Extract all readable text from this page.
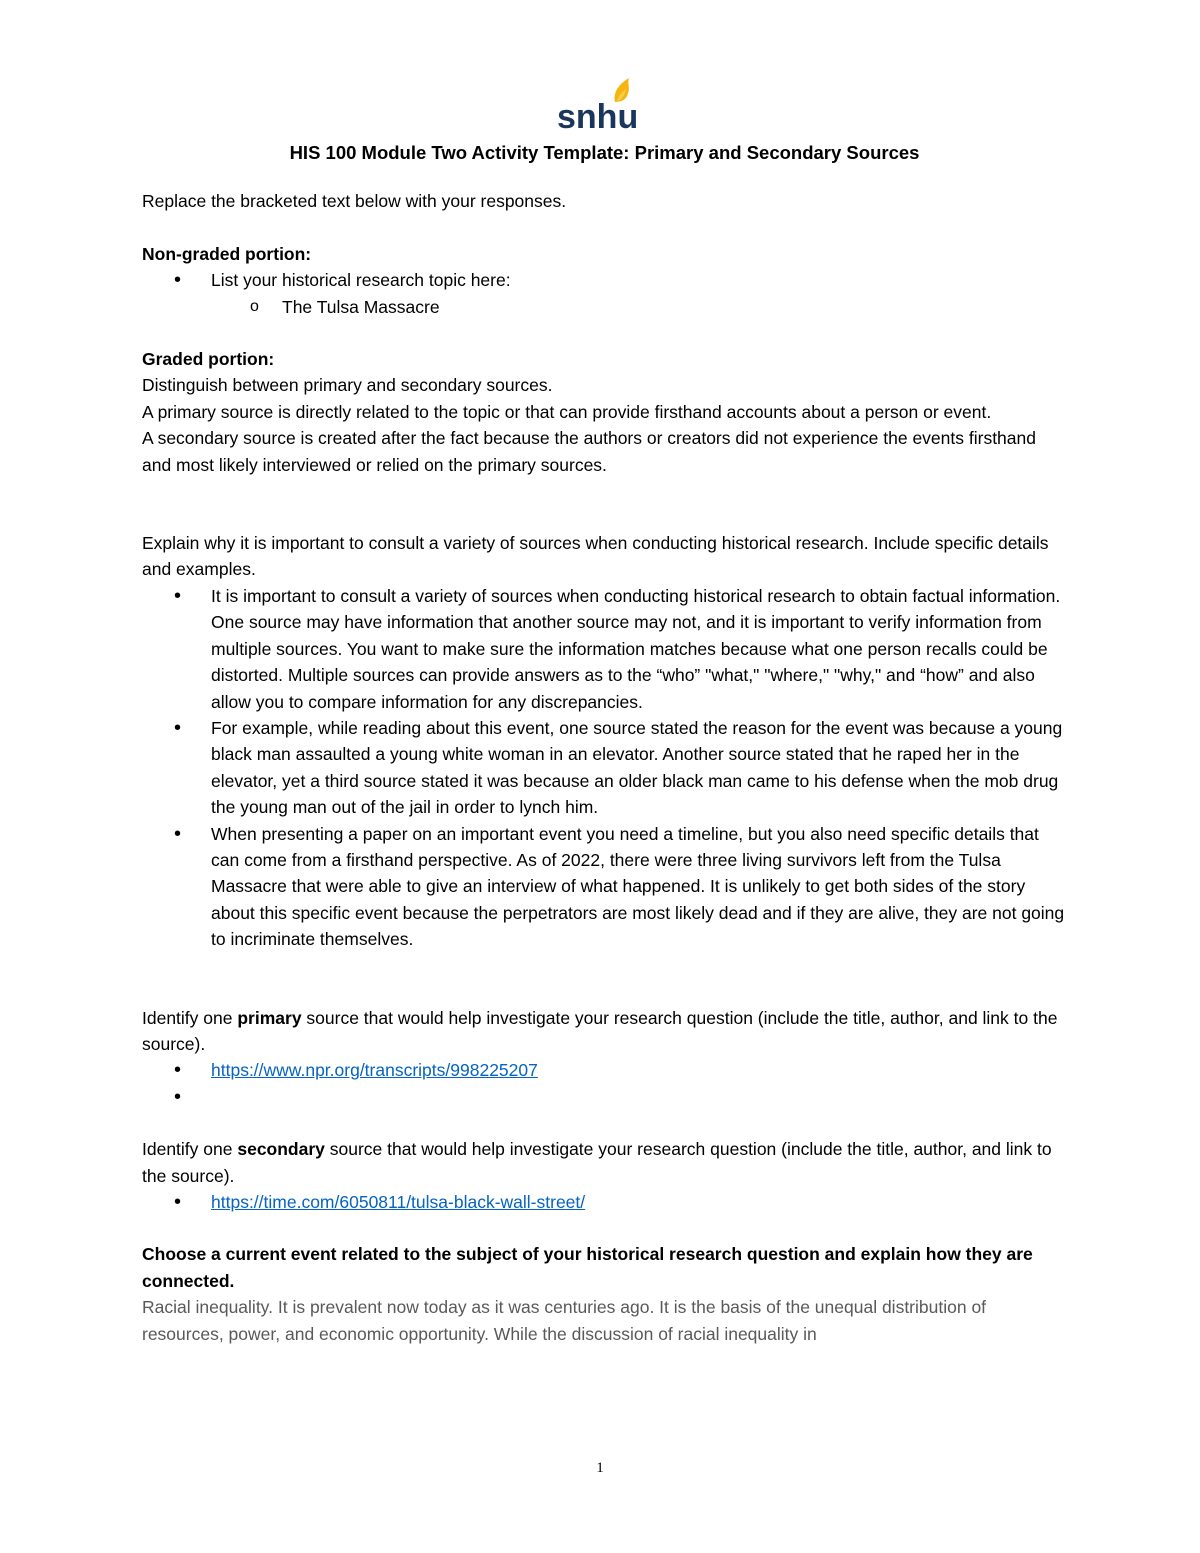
snhu
HIS 100 Module Two Activity Template: Primary and Secondary Sources

Replace the bracketed text below with your responses.

Non-graded portion:

• List your historical research topic here:
o The Tulsa Massacre

Graded portion:

Distinguish between primary and secondary sources.

A primary source is directly related to the topic or that can provide firsthand accounts about a person or event.

A secondary source is created after the fact because the authors or creators did not experience the events firsthand and most likely interviewed or relied on the primary sources.

Explain why it is important to consult a variety of sources when conducting historical research. Include specific details and examples.

• It is important to consult a variety of sources when conducting historical research to obtain factual information. One source may have information that another source may not, and it is important to verify information from multiple sources. You want to make sure the information matches because what one person recalls could be distorted. Multiple sources can provide answers as to the “who” "what," "where," "why," and “how” and also allow you to compare information for any discrepancies.
• For example, while reading about this event, one source stated the reason for the event was because a young black man assaulted a young white woman in an elevator. Another source stated that he raped her in the elevator, yet a third source stated it was because an older black man came to his defense when the mob drug the young man out of the jail in order to lynch him.
• When presenting a paper on an important event you need a timeline, but you also need specific details that can come from a firsthand perspective. As of 2022, there were three living survivors left from the Tulsa Massacre that were able to give an interview of what happened. It is unlikely to get both sides of the story about this specific event because the perpetrators are most likely dead and if they are alive, they are not going to incriminate themselves.

Identify one primary source that would help investigate your research question (include the title, author, and link to the source).

• https://www.npr.org/transcripts/998225207
•

Identify one secondary source that would help investigate your research question (include the title, author, and link to the source).

• https://time.com/6050811/tulsa-black-wall-street/

Choose a current event related to the subject of your historical research question and explain how they are connected.

Racial inequality. It is prevalent now today as it was centuries ago. It is the basis of the unequal distribution of resources, power, and economic opportunity. While the discussion of racial inequality in

1
